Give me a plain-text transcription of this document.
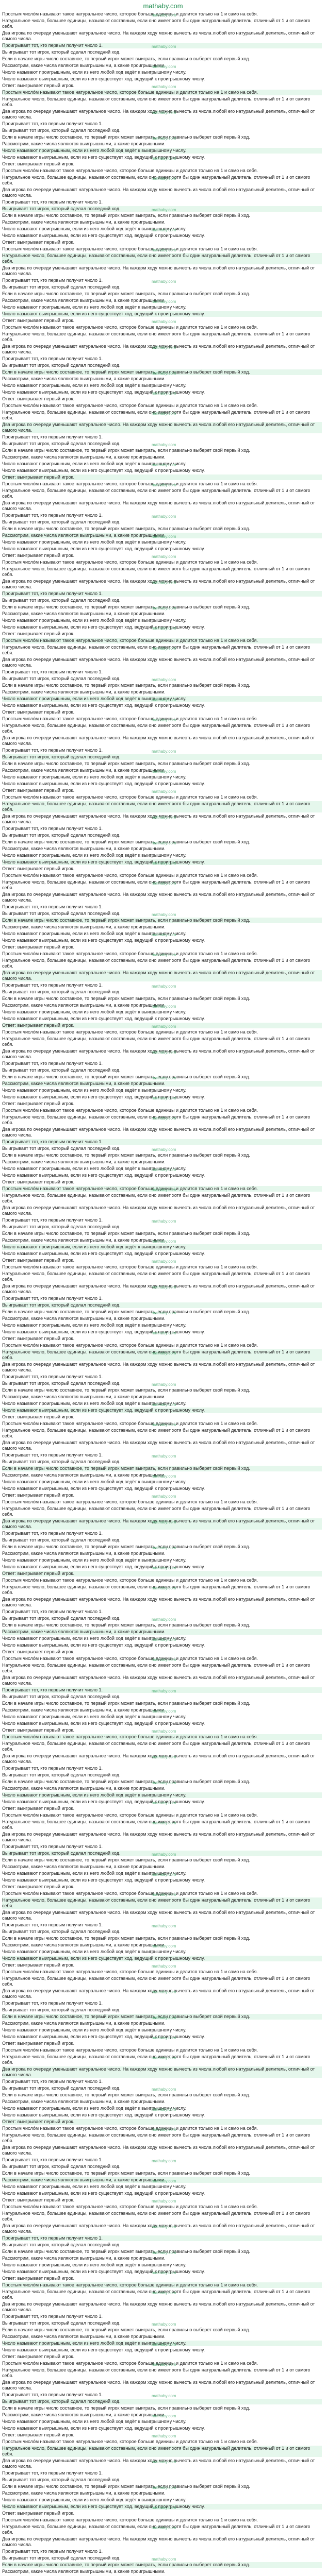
mathaby.com
Простым число́м называют такое натуральное число, которое больше единицы и делится только на 1 и само на себя. mathaby.com
Натуральное число, большее единицы, называют составным, если оно имеет хотя бы один натуральный делитель, отличный от 1 и от самого себя.
Два игрока по очереди уменьшают натуральное число. На каждом ходу можно вычесть из числа любой его натуральный делитель, отличный от самого числа.
Проигрывает тот, кто первым получит число 1. mathaby.com
Выигрывает тот игрок, который сделал последний ход.
Если в начале игры число составное, то первый игрок может выиграть, если правильно выберет свой первый ход.
Рассмотрим, какие числа являются выигрышными, а какие проигрышными. mathaby.com
Число называют проигрышным, если из него любой ход ведёт к выигрышному числу.
Число называют выигрышным, если из него существует ход, ведущий к проигрышному числу.
Ответ: выигрывает первый игрок. mathaby.com
Простым число́м называют такое натуральное число, которое больше единицы и делится только на 1 и само на себя.
Натуральное число, большее единицы, называют составным, если оно имеет хотя бы один натуральный делитель, отличный от 1 и от самого себя.
Два игрока по очереди уменьшают натуральное число. На каждом ходу можно вычесть из числа любой его натуральный делитель, отличный от самого числа. mathaby.com
Проигрывает тот, кто первым получит число 1.
Выигрывает тот игрок, который сделал последний ход.
Если в начале игры число составное, то первый игрок может выиграть, если правильно выберет свой первый ход. mathaby.com
Рассмотрим, какие числа являются выигрышными, а какие проигрышными.
Число называют проигрышным, если из него любой ход ведёт к выигрышному числу.
Число называют выигрышным, если из него существует ход, ведущий к проигрышному числу. mathaby.com
Ответ: выигрывает первый игрок.
Простым число́м называют такое натуральное число, которое больше единицы и делится только на 1 и само на себя.
Натуральное число, большее единицы, называют составным, если оно имеет хотя бы один натуральный делитель, отличный от 1 и от самого себя. mathaby.com
Два игрока по очереди уменьшают натуральное число. На каждом ходу можно вычесть из числа любой его натуральный делитель, отличный от самого числа.
Проигрывает тот, кто первым получит число 1.
Выигрывает тот игрок, который сделал последний ход. mathaby.com
Если в начале игры число составное, то первый игрок может выиграть, если правильно выберет свой первый ход.
Рассмотрим, какие числа являются выигрышными, а какие проигрышными.
Число называют проигрышным, если из него любой ход ведёт к выигрышному числу. mathaby.com
Число называют выигрышным, если из него существует ход, ведущий к проигрышному числу.
Ответ: выигрывает первый игрок.
Простым число́м называют такое натуральное число, которое больше единицы и делится только на 1 и само на себя. mathaby.com
Натуральное число, большее единицы, называют составным, если оно имеет хотя бы один натуральный делитель, отличный от 1 и от самого себя.
Два игрока по очереди уменьшают натуральное число. На каждом ходу можно вычесть из числа любой его натуральный делитель, отличный от самого числа.
Проигрывает тот, кто первым получит число 1. mathaby.com
Выигрывает тот игрок, который сделал последний ход.
Если в начале игры число составное, то первый игрок может выиграть, если правильно выберет свой первый ход.
Рассмотрим, какие числа являются выигрышными, а какие проигрышными. mathaby.com
Число называют проигрышным, если из него любой ход ведёт к выигрышному числу.
Число называют выигрышным, если из него существует ход, ведущий к проигрышному числу.
Ответ: выигрывает первый игрок. mathaby.com
Простым число́м называют такое натуральное число, которое больше единицы и делится только на 1 и само на себя.
Натуральное число, большее единицы, называют составным, если оно имеет хотя бы один натуральный делитель, отличный от 1 и от самого себя.
Два игрока по очереди уменьшают натуральное число. На каждом ходу можно вычесть из числа любой его натуральный делитель, отличный от самого числа. mathaby.com
Проигрывает тот, кто первым получит число 1.
Выигрывает тот игрок, который сделал последний ход.
Если в начале игры число составное, то первый игрок может выиграть, если правильно выберет свой первый ход. mathaby.com
Рассмотрим, какие числа являются выигрышными, а какие проигрышными.
Число называют проигрышным, если из него любой ход ведёт к выигрышному числу.
Число называют выигрышным, если из него существует ход, ведущий к проигрышному числу. mathaby.com
Ответ: выигрывает первый игрок.
Простым число́м называют такое натуральное число, которое больше единицы и делится только на 1 и само на себя.
Натуральное число, большее единицы, называют составным, если оно имеет хотя бы один натуральный делитель, отличный от 1 и от самого себя. mathaby.com
Два игрока по очереди уменьшают натуральное число. На каждом ходу можно вычесть из числа любой его натуральный делитель, отличный от самого числа.
Проигрывает тот, кто первым получит число 1.
Выигрывает тот игрок, который сделал последний ход. mathaby.com
Если в начале игры число составное, то первый игрок может выиграть, если правильно выберет свой первый ход.
Рассмотрим, какие числа являются выигрышными, а какие проигрышными.
Число называют проигрышным, если из него любой ход ведёт к выигрышному числу. mathaby.com
Число называют выигрышным, если из него существует ход, ведущий к проигрышному числу.
Ответ: выигрывает первый игрок.
Простым число́м называют такое натуральное число, которое больше единицы и делится только на 1 и само на себя. mathaby.com
Натуральное число, большее единицы, называют составным, если оно имеет хотя бы один натуральный делитель, отличный от 1 и от самого себя.
Два игрока по очереди уменьшают натуральное число. На каждом ходу можно вычесть из числа любой его натуральный делитель, отличный от самого числа.
Проигрывает тот, кто первым получит число 1. mathaby.com
Выигрывает тот игрок, который сделал последний ход.
Если в начале игры число составное, то первый игрок может выиграть, если правильно выберет свой первый ход.
Рассмотрим, какие числа являются выигрышными, а какие проигрышными. mathaby.com
Число называют проигрышным, если из него любой ход ведёт к выигрышному числу.
Число называют выигрышным, если из него существует ход, ведущий к проигрышному числу.
Ответ: выигрывает первый игрок. mathaby.com
Простым число́м называют такое натуральное число, которое больше единицы и делится только на 1 и само на себя.
Натуральное число, большее единицы, называют составным, если оно имеет хотя бы один натуральный делитель, отличный от 1 и от самого себя.
Два игрока по очереди уменьшают натуральное число. На каждом ходу можно вычесть из числа любой его натуральный делитель, отличный от самого числа. mathaby.com
Проигрывает тот, кто первым получит число 1.
Выигрывает тот игрок, который сделал последний ход.
Если в начале игры число составное, то первый игрок может выиграть, если правильно выберет свой первый ход. mathaby.com
Рассмотрим, какие числа являются выигрышными, а какие проигрышными.
Число называют проигрышным, если из него любой ход ведёт к выигрышному числу.
Число называют выигрышным, если из него существует ход, ведущий к проигрышному числу. mathaby.com
Ответ: выигрывает первый игрок.
Простым число́м называют такое натуральное число, которое больше единицы и делится только на 1 и само на себя.
Натуральное число, большее единицы, называют составным, если оно имеет хотя бы один натуральный делитель, отличный от 1 и от самого себя. mathaby.com
Два игрока по очереди уменьшают натуральное число. На каждом ходу можно вычесть из числа любой его натуральный делитель, отличный от самого числа.
Проигрывает тот, кто первым получит число 1.
Выигрывает тот игрок, который сделал последний ход. mathaby.com
Если в начале игры число составное, то первый игрок может выиграть, если правильно выберет свой первый ход.
Рассмотрим, какие числа являются выигрышными, а какие проигрышными.
Число называют проигрышным, если из него любой ход ведёт к выигрышному числу. mathaby.com
Число называют выигрышным, если из него существует ход, ведущий к проигрышному числу.
Ответ: выигрывает первый игрок.
Простым число́м называют такое натуральное число, которое больше единицы и делится только на 1 и само на себя. mathaby.com
Натуральное число, большее единицы, называют составным, если оно имеет хотя бы один натуральный делитель, отличный от 1 и от самого себя.
Два игрока по очереди уменьшают натуральное число. На каждом ходу можно вычесть из числа любой его натуральный делитель, отличный от самого числа.
Проигрывает тот, кто первым получит число 1. mathaby.com
Выигрывает тот игрок, который сделал последний ход.
Если в начале игры число составное, то первый игрок может выиграть, если правильно выберет свой первый ход.
Рассмотрим, какие числа являются выигрышными, а какие проигрышными. mathaby.com
Число называют проигрышным, если из него любой ход ведёт к выигрышному числу.
Число называют выигрышным, если из него существует ход, ведущий к проигрышному числу.
Ответ: выигрывает первый игрок. mathaby.com
Простым число́м называют такое натуральное число, которое больше единицы и делится только на 1 и само на себя.
Натуральное число, большее единицы, называют составным, если оно имеет хотя бы один натуральный делитель, отличный от 1 и от самого себя.
Два игрока по очереди уменьшают натуральное число. На каждом ходу можно вычесть из числа любой его натуральный делитель, отличный от самого числа. mathaby.com
Проигрывает тот, кто первым получит число 1.
Выигрывает тот игрок, который сделал последний ход.
Если в начале игры число составное, то первый игрок может выиграть, если правильно выберет свой первый ход. mathaby.com
Рассмотрим, какие числа являются выигрышными, а какие проигрышными.
Число называют проигрышным, если из него любой ход ведёт к выигрышному числу.
Число называют выигрышным, если из него существует ход, ведущий к проигрышному числу. mathaby.com
Ответ: выигрывает первый игрок.
Простым число́м называют такое натуральное число, которое больше единицы и делится только на 1 и само на себя.
Натуральное число, большее единицы, называют составным, если оно имеет хотя бы один натуральный делитель, отличный от 1 и от самого себя. mathaby.com
Два игрока по очереди уменьшают натуральное число. На каждом ходу можно вычесть из числа любой его натуральный делитель, отличный от самого числа.
Проигрывает тот, кто первым получит число 1.
Выигрывает тот игрок, который сделал последний ход. mathaby.com
Если в начале игры число составное, то первый игрок может выиграть, если правильно выберет свой первый ход.
Рассмотрим, какие числа являются выигрышными, а какие проигрышными.
Число называют проигрышным, если из него любой ход ведёт к выигрышному числу. mathaby.com
Число называют выигрышным, если из него существует ход, ведущий к проигрышному числу.
Ответ: выигрывает первый игрок.
Простым число́м называют такое натуральное число, которое больше единицы и делится только на 1 и само на себя. mathaby.com
Натуральное число, большее единицы, называют составным, если оно имеет хотя бы один натуральный делитель, отличный от 1 и от самого себя.
Два игрока по очереди уменьшают натуральное число. На каждом ходу можно вычесть из числа любой его натуральный делитель, отличный от самого числа.
Проигрывает тот, кто первым получит число 1. mathaby.com
Выигрывает тот игрок, который сделал последний ход.
Если в начале игры число составное, то первый игрок может выиграть, если правильно выберет свой первый ход.
Рассмотрим, какие числа являются выигрышными, а какие проигрышными. mathaby.com
Число называют проигрышным, если из него любой ход ведёт к выигрышному числу.
Число называют выигрышным, если из него существует ход, ведущий к проигрышному числу.
Ответ: выигрывает первый игрок. mathaby.com
Простым число́м называют такое натуральное число, которое больше единицы и делится только на 1 и само на себя.
Натуральное число, большее единицы, называют составным, если оно имеет хотя бы один натуральный делитель, отличный от 1 и от самого себя.
Два игрока по очереди уменьшают натуральное число. На каждом ходу можно вычесть из числа любой его натуральный делитель, отличный от самого числа. mathaby.com
Проигрывает тот, кто первым получит число 1.
Выигрывает тот игрок, который сделал последний ход.
Если в начале игры число составное, то первый игрок может выиграть, если правильно выберет свой первый ход. mathaby.com
Рассмотрим, какие числа являются выигрышными, а какие проигрышными.
Число называют проигрышным, если из него любой ход ведёт к выигрышному числу.
Число называют выигрышным, если из него существует ход, ведущий к проигрышному числу. mathaby.com
Ответ: выигрывает первый игрок.
Простым число́м называют такое натуральное число, которое больше единицы и делится только на 1 и само на себя.
Натуральное число, большее единицы, называют составным, если оно имеет хотя бы один натуральный делитель, отличный от 1 и от самого себя. mathaby.com
Два игрока по очереди уменьшают натуральное число. На каждом ходу можно вычесть из числа любой его натуральный делитель, отличный от самого числа.
Проигрывает тот, кто первым получит число 1.
Выигрывает тот игрок, который сделал последний ход. mathaby.com
Если в начале игры число составное, то первый игрок может выиграть, если правильно выберет свой первый ход.
Рассмотрим, какие числа являются выигрышными, а какие проигрышными.
Число называют проигрышным, если из него любой ход ведёт к выигрышному числу. mathaby.com
Число называют выигрышным, если из него существует ход, ведущий к проигрышному числу.
Ответ: выигрывает первый игрок.
Простым число́м называют такое натуральное число, которое больше единицы и делится только на 1 и само на себя. mathaby.com
Натуральное число, большее единицы, называют составным, если оно имеет хотя бы один натуральный делитель, отличный от 1 и от самого себя.
Два игрока по очереди уменьшают натуральное число. На каждом ходу можно вычесть из числа любой его натуральный делитель, отличный от самого числа.
Проигрывает тот, кто первым получит число 1. mathaby.com
Выигрывает тот игрок, который сделал последний ход.
Если в начале игры число составное, то первый игрок может выиграть, если правильно выберет свой первый ход.
Рассмотрим, какие числа являются выигрышными, а какие проигрышными. mathaby.com
Число называют проигрышным, если из него любой ход ведёт к выигрышному числу.
Число называют выигрышным, если из него существует ход, ведущий к проигрышному числу.
Ответ: выигрывает первый игрок. mathaby.com
Простым число́м называют такое натуральное число, которое больше единицы и делится только на 1 и само на себя.
Натуральное число, большее единицы, называют составным, если оно имеет хотя бы один натуральный делитель, отличный от 1 и от самого себя.
Два игрока по очереди уменьшают натуральное число. На каждом ходу можно вычесть из числа любой его натуральный делитель, отличный от самого числа. mathaby.com
Проигрывает тот, кто первым получит число 1.
Выигрывает тот игрок, который сделал последний ход.
Если в начале игры число составное, то первый игрок может выиграть, если правильно выберет свой первый ход. mathaby.com
Рассмотрим, какие числа являются выигрышными, а какие проигрышными.
Число называют проигрышным, если из него любой ход ведёт к выигрышному числу.
Число называют выигрышным, если из него существует ход, ведущий к проигрышному числу. mathaby.com
Ответ: выигрывает первый игрок.
Простым число́м называют такое натуральное число, которое больше единицы и делится только на 1 и само на себя.
Натуральное число, большее единицы, называют составным, если оно имеет хотя бы один натуральный делитель, отличный от 1 и от самого себя. mathaby.com
Два игрока по очереди уменьшают натуральное число. На каждом ходу можно вычесть из числа любой его натуральный делитель, отличный от самого числа.
Проигрывает тот, кто первым получит число 1.
Выигрывает тот игрок, который сделал последний ход. mathaby.com
Если в начале игры число составное, то первый игрок может выиграть, если правильно выберет свой первый ход.
Рассмотрим, какие числа являются выигрышными, а какие проигрышными.
Число называют проигрышным, если из него любой ход ведёт к выигрышному числу. mathaby.com
Число называют выигрышным, если из него существует ход, ведущий к проигрышному числу.
Ответ: выигрывает первый игрок.
Простым число́м называют такое натуральное число, которое больше единицы и делится только на 1 и само на себя. mathaby.com
Натуральное число, большее единицы, называют составным, если оно имеет хотя бы один натуральный делитель, отличный от 1 и от самого себя.
Два игрока по очереди уменьшают натуральное число. На каждом ходу можно вычесть из числа любой его натуральный делитель, отличный от самого числа.
Проигрывает тот, кто первым получит число 1. mathaby.com
Выигрывает тот игрок, который сделал последний ход.
Если в начале игры число составное, то первый игрок может выиграть, если правильно выберет свой первый ход.
Рассмотрим, какие числа являются выигрышными, а какие проигрышными. mathaby.com
Число называют проигрышным, если из него любой ход ведёт к выигрышному числу.
Число называют выигрышным, если из него существует ход, ведущий к проигрышному числу.
Ответ: выигрывает первый игрок. mathaby.com
Простым число́м называют такое натуральное число, которое больше единицы и делится только на 1 и само на себя.
Натуральное число, большее единицы, называют составным, если оно имеет хотя бы один натуральный делитель, отличный от 1 и от самого себя.
Два игрока по очереди уменьшают натуральное число. На каждом ходу можно вычесть из числа любой его натуральный делитель, отличный от самого числа. mathaby.com
Проигрывает тот, кто первым получит число 1.
Выигрывает тот игрок, который сделал последний ход.
Если в начале игры число составное, то первый игрок может выиграть, если правильно выберет свой первый ход. mathaby.com
Рассмотрим, какие числа являются выигрышными, а какие проигрышными.
Число называют проигрышным, если из него любой ход ведёт к выигрышному числу.
Число называют выигрышным, если из него существует ход, ведущий к проигрышному числу. mathaby.com
Ответ: выигрывает первый игрок.
Простым число́м называют такое натуральное число, которое больше единицы и делится только на 1 и само на себя.
Натуральное число, большее единицы, называют составным, если оно имеет хотя бы один натуральный делитель, отличный от 1 и от самого себя. mathaby.com
Два игрока по очереди уменьшают натуральное число. На каждом ходу можно вычесть из числа любой его натуральный делитель, отличный от самого числа.
Проигрывает тот, кто первым получит число 1.
Выигрывает тот игрок, который сделал последний ход. mathaby.com
Если в начале игры число составное, то первый игрок может выиграть, если правильно выберет свой первый ход.
Рассмотрим, какие числа являются выигрышными, а какие проигрышными.
Число называют проигрышным, если из него любой ход ведёт к выигрышному числу. mathaby.com
Число называют выигрышным, если из него существует ход, ведущий к проигрышному числу.
Ответ: выигрывает первый игрок.
Простым число́м называют такое натуральное число, которое больше единицы и делится только на 1 и само на себя. mathaby.com
Натуральное число, большее единицы, называют составным, если оно имеет хотя бы один натуральный делитель, отличный от 1 и от самого себя.
Два игрока по очереди уменьшают натуральное число. На каждом ходу можно вычесть из числа любой его натуральный делитель, отличный от самого числа.
Проигрывает тот, кто первым получит число 1. mathaby.com
Выигрывает тот игрок, который сделал последний ход.
Если в начале игры число составное, то первый игрок может выиграть, если правильно выберет свой первый ход.
Рассмотрим, какие числа являются выигрышными, а какие проигрышными. mathaby.com
Число называют проигрышным, если из него любой ход ведёт к выигрышному числу.
Число называют выигрышным, если из него существует ход, ведущий к проигрышному числу.
Ответ: выигрывает первый игрок. mathaby.com
Простым число́м называют такое натуральное число, которое больше единицы и делится только на 1 и само на себя.
Натуральное число, большее единицы, называют составным, если оно имеет хотя бы один натуральный делитель, отличный от 1 и от самого себя.
Два игрока по очереди уменьшают натуральное число. На каждом ходу можно вычесть из числа любой его натуральный делитель, отличный от самого числа. mathaby.com
Проигрывает тот, кто первым получит число 1.
Выигрывает тот игрок, который сделал последний ход.
Если в начале игры число составное, то первый игрок может выиграть, если правильно выберет свой первый ход. mathaby.com
Рассмотрим, какие числа являются выигрышными, а какие проигрышными.
Число называют проигрышным, если из него любой ход ведёт к выигрышному числу.
Число называют выигрышным, если из него существует ход, ведущий к проигрышному числу. mathaby.com
Ответ: выигрывает первый игрок.
Простым число́м называют такое натуральное число, которое больше единицы и делится только на 1 и само на себя.
Натуральное число, большее единицы, называют составным, если оно имеет хотя бы один натуральный делитель, отличный от 1 и от самого себя. mathaby.com
Два игрока по очереди уменьшают натуральное число. На каждом ходу можно вычесть из числа любой его натуральный делитель, отличный от самого числа.
Проигрывает тот, кто первым получит число 1.
Выигрывает тот игрок, который сделал последний ход. mathaby.com
Если в начале игры число составное, то первый игрок может выиграть, если правильно выберет свой первый ход.
Рассмотрим, какие числа являются выигрышными, а какие проигрышными.
Число называют проигрышным, если из него любой ход ведёт к выигрышному числу. mathaby.com
Число называют выигрышным, если из него существует ход, ведущий к проигрышному числу.
Ответ: выигрывает первый игрок.
Простым число́м называют такое натуральное число, которое больше единицы и делится только на 1 и само на себя. mathaby.com
Натуральное число, большее единицы, называют составным, если оно имеет хотя бы один натуральный делитель, отличный от 1 и от самого себя.
Два игрока по очереди уменьшают натуральное число. На каждом ходу можно вычесть из числа любой его натуральный делитель, отличный от самого числа.
Проигрывает тот, кто первым получит число 1. mathaby.com
Выигрывает тот игрок, который сделал последний ход.
Если в начале игры число составное, то первый игрок может выиграть, если правильно выберет свой первый ход.
Рассмотрим, какие числа являются выигрышными, а какие проигрышными. mathaby.com
Число называют проигрышным, если из него любой ход ведёт к выигрышному числу.
Число называют выигрышным, если из него существует ход, ведущий к проигрышному числу.
Ответ: выигрывает первый игрок. mathaby.com
Простым число́м называют такое натуральное число, которое больше единицы и делится только на 1 и само на себя.
Натуральное число, большее единицы, называют составным, если оно имеет хотя бы один натуральный делитель, отличный от 1 и от самого себя.
Два игрока по очереди уменьшают натуральное число. На каждом ходу можно вычесть из числа любой его натуральный делитель, отличный от самого числа. mathaby.com
Проигрывает тот, кто первым получит число 1.
Выигрывает тот игрок, который сделал последний ход.
Если в начале игры число составное, то первый игрок может выиграть, если правильно выберет свой первый ход. mathaby.com
Рассмотрим, какие числа являются выигрышными, а какие проигрышными.
Число называют проигрышным, если из него любой ход ведёт к выигрышному числу.
Число называют выигрышным, если из него существует ход, ведущий к проигрышному числу. mathaby.com
Ответ: выигрывает первый игрок.
Простым число́м называют такое натуральное число, которое больше единицы и делится только на 1 и само на себя.
Натуральное число, большее единицы, называют составным, если оно имеет хотя бы один натуральный делитель, отличный от 1 и от самого себя. mathaby.com
Два игрока по очереди уменьшают натуральное число. На каждом ходу можно вычесть из числа любой его натуральный делитель, отличный от самого числа.
Проигрывает тот, кто первым получит число 1.
Выигрывает тот игрок, который сделал последний ход. mathaby.com
Если в начале игры число составное, то первый игрок может выиграть, если правильно выберет свой первый ход.
Рассмотрим, какие числа являются выигрышными, а какие проигрышными.
Число называют проигрышным, если из него любой ход ведёт к выигрышному числу. mathaby.com
Число называют выигрышным, если из него существует ход, ведущий к проигрышному числу.
Ответ: выигрывает первый игрок.
Простым число́м называют такое натуральное число, которое больше единицы и делится только на 1 и само на себя. mathaby.com
Натуральное число, большее единицы, называют составным, если оно имеет хотя бы один натуральный делитель, отличный от 1 и от самого себя.
Два игрока по очереди уменьшают натуральное число. На каждом ходу можно вычесть из числа любой его натуральный делитель, отличный от самого числа.
Проигрывает тот, кто первым получит число 1. mathaby.com
Выигрывает тот игрок, который сделал последний ход.
Если в начале игры число составное, то первый игрок может выиграть, если правильно выберет свой первый ход.
Рассмотрим, какие числа являются выигрышными, а какие проигрышными. mathaby.com
Число называют проигрышным, если из него любой ход ведёт к выигрышному числу.
Число называют выигрышным, если из него существует ход, ведущий к проигрышному числу.
Ответ: выигрывает первый игрок. mathaby.com
Простым число́м называют такое натуральное число, которое больше единицы и делится только на 1 и само на себя.
Натуральное число, большее единицы, называют составным, если оно имеет хотя бы один натуральный делитель, отличный от 1 и от самого себя.
Два игрока по очереди уменьшают натуральное число. На каждом ходу можно вычесть из числа любой его натуральный делитель, отличный от самого числа. mathaby.com
Проигрывает тот, кто первым получит число 1.
Выигрывает тот игрок, который сделал последний ход.
Если в начале игры число составное, то первый игрок может выиграть, если правильно выберет свой первый ход. mathaby.com
Рассмотрим, какие числа являются выигрышными, а какие проигрышными.
Число называют проигрышным, если из него любой ход ведёт к выигрышному числу.
Число называют выигрышным, если из него существует ход, ведущий к проигрышному числу. mathaby.com
Ответ: выигрывает первый игрок.
Простым число́м называют такое натуральное число, которое больше единицы и делится только на 1 и само на себя.
Натуральное число, большее единицы, называют составным, если оно имеет хотя бы один натуральный делитель, отличный от 1 и от самого себя. mathaby.com
Два игрока по очереди уменьшают натуральное число. На каждом ходу можно вычесть из числа любой его натуральный делитель, отличный от самого числа.
Проигрывает тот, кто первым получит число 1.
Выигрывает тот игрок, который сделал последний ход. mathaby.com
Если в начале игры число составное, то первый игрок может выиграть, если правильно выберет свой первый ход.
Рассмотрим, какие числа являются выигрышными, а какие проигрышными.
Число называют проигрышным, если из него любой ход ведёт к выигрышному числу. mathaby.com
Число называют выигрышным, если из него существует ход, ведущий к проигрышному числу.
Ответ: выигрывает первый игрок.
Простым число́м называют такое натуральное число, которое больше единицы и делится только на 1 и само на себя. mathaby.com
Натуральное число, большее единицы, называют составным, если оно имеет хотя бы один натуральный делитель, отличный от 1 и от самого себя.
Два игрока по очереди уменьшают натуральное число. На каждом ходу можно вычесть из числа любой его натуральный делитель, отличный от самого числа.
Проигрывает тот, кто первым получит число 1. mathaby.com
Выигрывает тот игрок, который сделал последний ход.
Если в начале игры число составное, то первый игрок может выиграть, если правильно выберет свой первый ход.
Рассмотрим, какие числа являются выигрышными, а какие проигрышными. mathaby.com
Число называют проигрышным, если из него любой ход ведёт к выигрышному числу.
Число называют выигрышным, если из него существует ход, ведущий к проигрышному числу.
Ответ: выигрывает первый игрок. mathaby.com
Простым число́м называют такое натуральное число, которое больше единицы и делится только на 1 и само на себя.
Натуральное число, большее единицы, называют составным, если оно имеет хотя бы один натуральный делитель, отличный от 1 и от самого себя.
Два игрока по очереди уменьшают натуральное число. На каждом ходу можно вычесть из числа любой его натуральный делитель, отличный от самого числа. mathaby.com
Проигрывает тот, кто первым получит число 1.
Выигрывает тот игрок, который сделал последний ход.
Если в начале игры число составное, то первый игрок может выиграть, если правильно выберет свой первый ход. mathaby.com
Рассмотрим, какие числа являются выигрышными, а какие проигрышными.
Число называют проигрышным, если из него любой ход ведёт к выигрышному числу.
Число называют выигрышным, если из него существует ход, ведущий к проигрышному числу. mathaby.com
Ответ: выигрывает первый игрок.
Простым число́м называют такое натуральное число, которое больше единицы и делится только на 1 и само на себя.
Натуральное число, большее единицы, называют составным, если оно имеет хотя бы один натуральный делитель, отличный от 1 и от самого себя. mathaby.com
Два игрока по очереди уменьшают натуральное число. На каждом ходу можно вычесть из числа любой его натуральный делитель, отличный от самого числа.
Проигрывает тот, кто первым получит число 1.
Выигрывает тот игрок, который сделал последний ход. mathaby.com
Если в начале игры число составное, то первый игрок может выиграть, если правильно выберет свой первый ход.
Рассмотрим, какие числа являются выигрышными, а какие проигрышными.
mathaby.com
